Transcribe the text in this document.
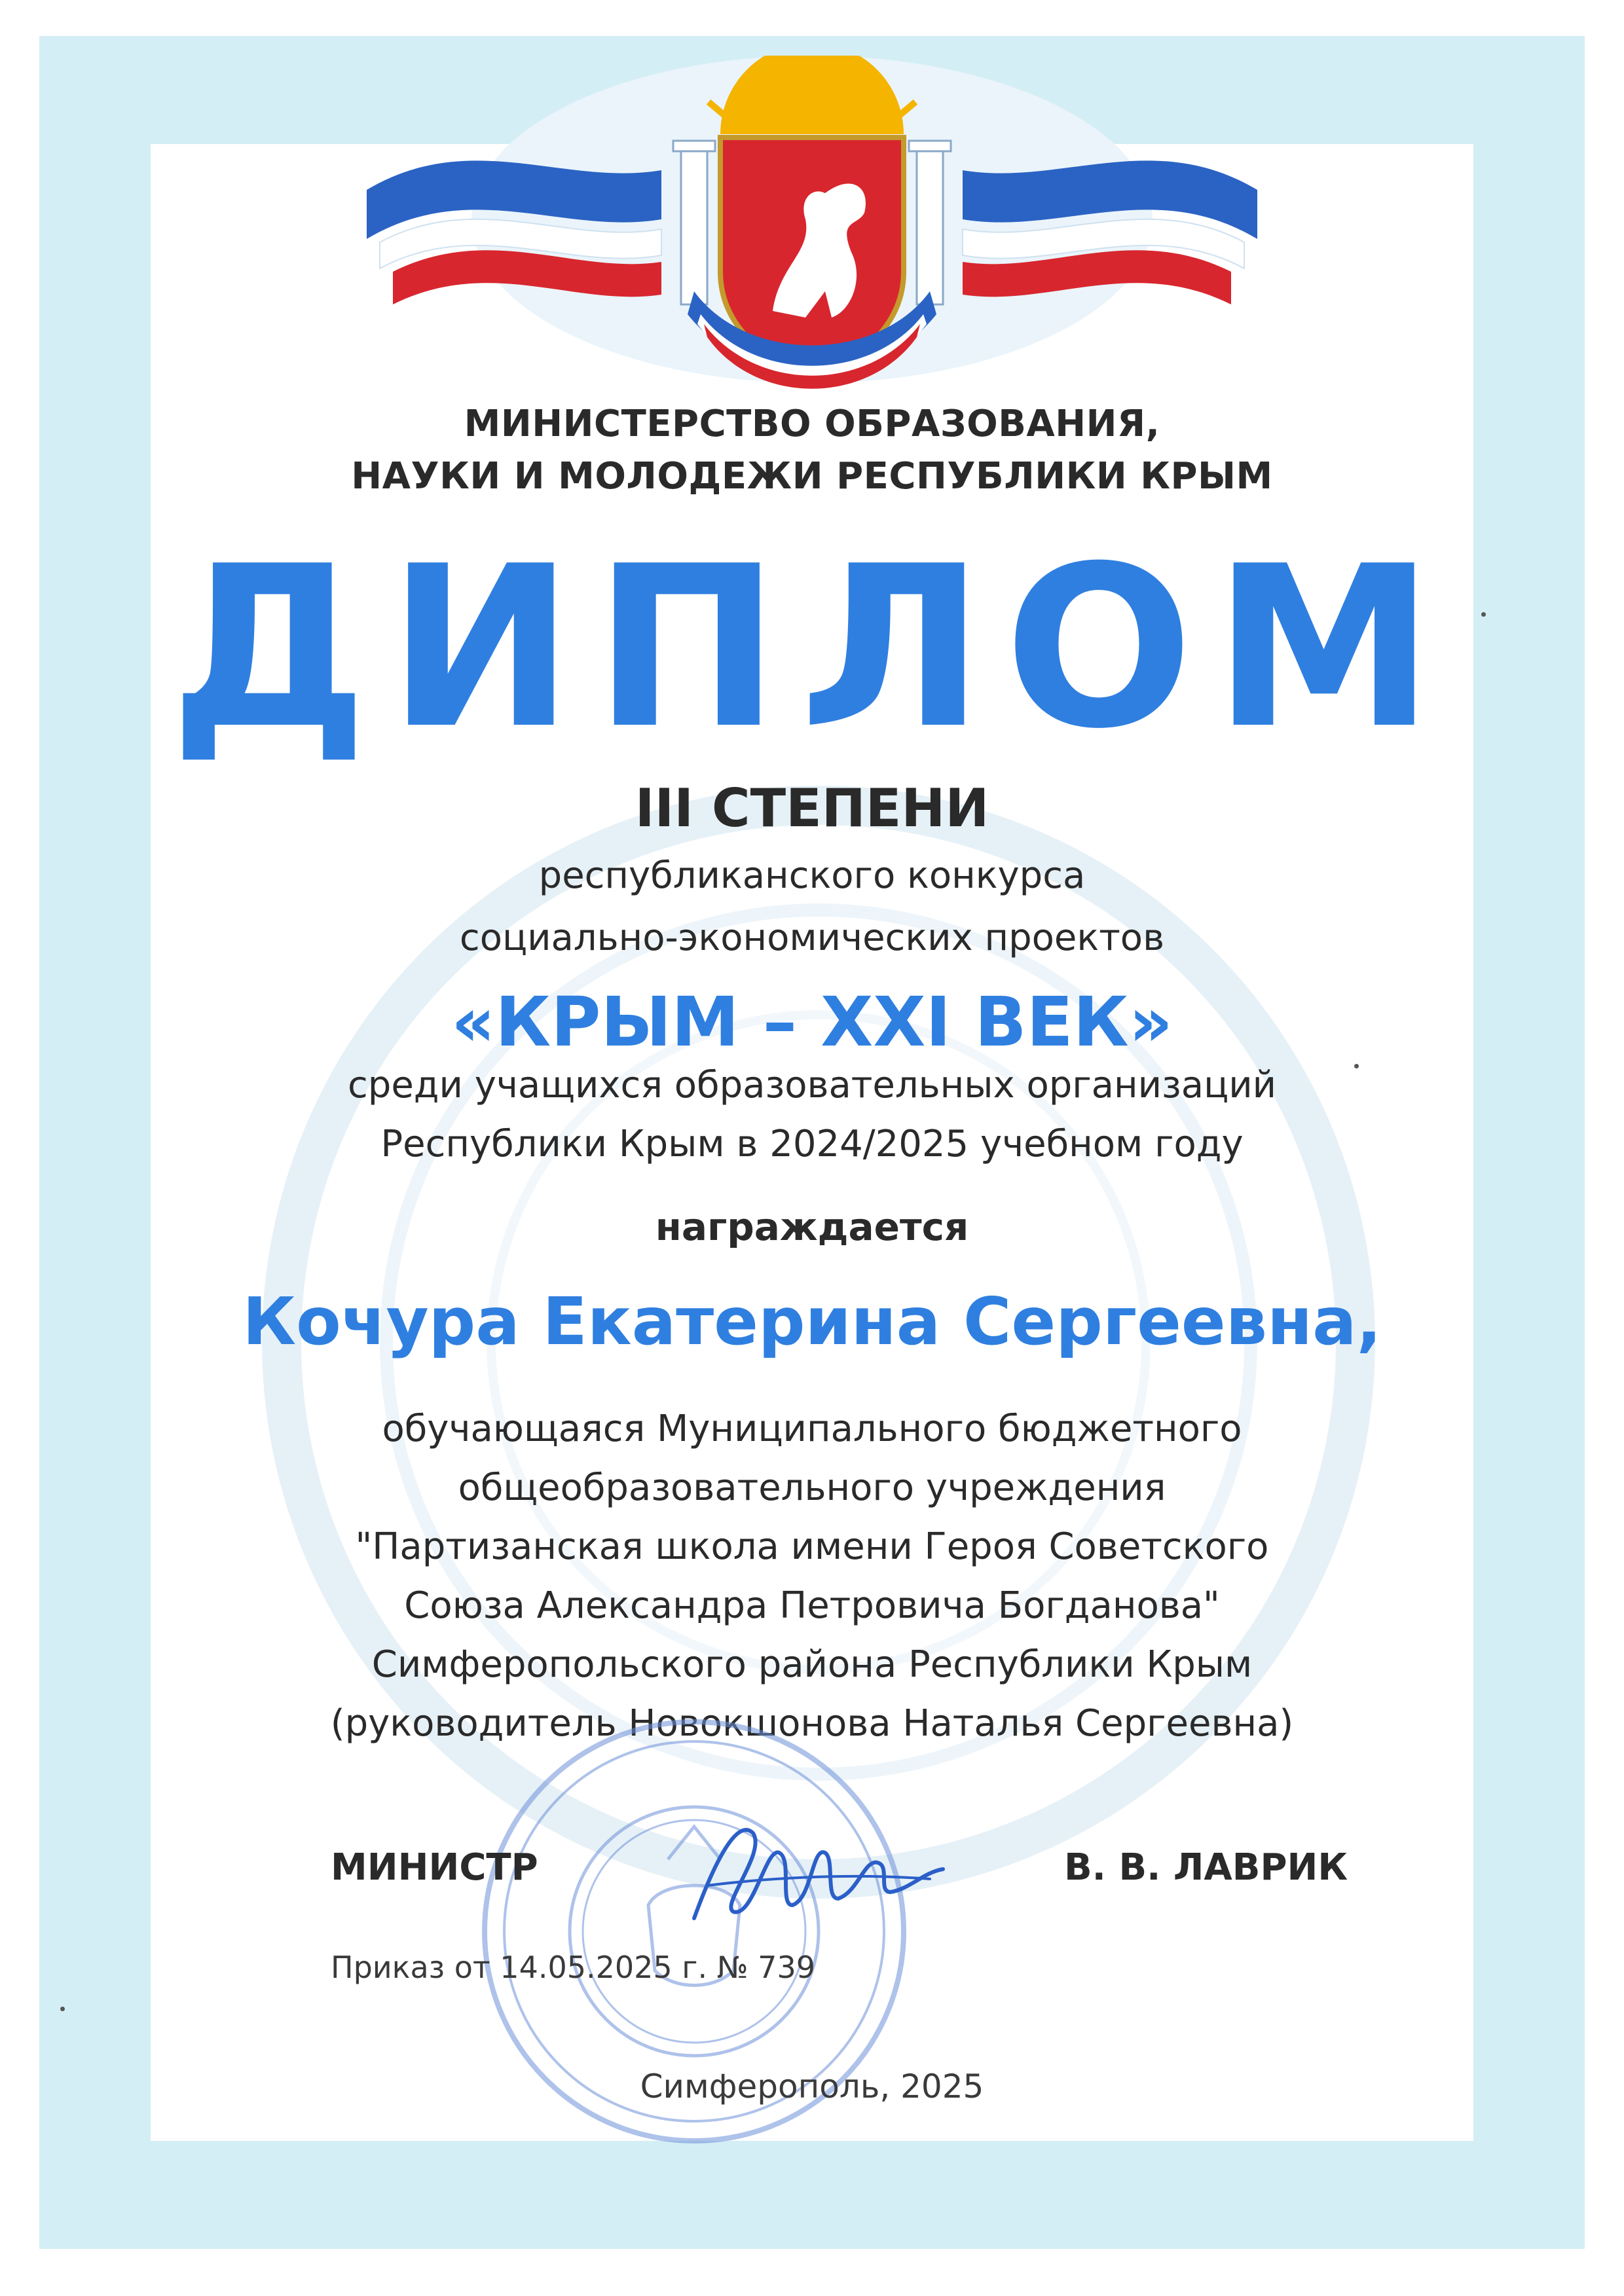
МИНИСТЕРСТВО ОБРАЗОВАНИЯ,
НАУКИ И МОЛОДЕЖИ РЕСПУБЛИКИ КРЫМ
ДИПЛОМ
III СТЕПЕНИ
республиканского конкурса
социально-экономических проектов
«КРЫМ – XXI ВЕК»
среди учащихся образовательных организаций
Республики Крым в 2024/2025 учебном году
награждается
Кочура Екатерина Сергеевна,
обучающаяся Муниципального бюджетного
общеобразовательного учреждения
"Партизанская школа имени Героя Советского
Союза Александра Петровича Богданова"
Симферопольского района Республики Крым
(руководитель Новокшонова Наталья Сергеевна)
МИНИСТР	В. В. ЛАВРИК
Приказ от 14.05.2025 г. № 739
Симферополь, 2025
